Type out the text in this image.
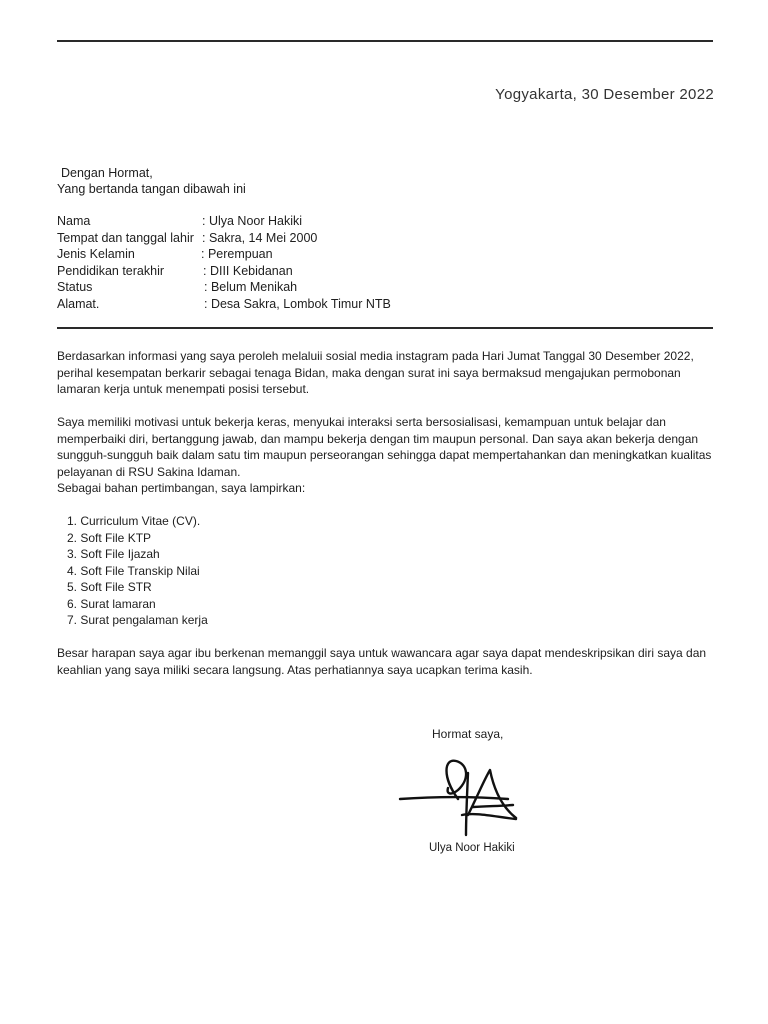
Yogyakarta, 30 Desember 2022
Dengan Hormat,
Yang bertanda tangan dibawah ini
Nama	: Ulya Noor Hakiki
Tempat dan tanggal lahir : Sakra, 14 Mei 2000
Jenis Kelamin	: Perempuan
Pendidikan terakhir	: DIII Kebidanan
Status	: Belum Menikah
Alamat.	: Desa Sakra, Lombok Timur NTB
Berdasarkan informasi yang saya peroleh melaluii sosial media instagram pada Hari Jumat Tanggal 30 Desember 2022, perihal kesempatan berkarir sebagai tenaga Bidan, maka dengan surat ini saya bermaksud mengajukan permobonan lamaran kerja untuk menempati posisi tersebut.
Saya memiliki motivasi untuk bekerja keras, menyukai interaksi serta bersosialisasi, kemampuan untuk belajar dan memperbaiki diri, bertanggung jawab, dan mampu bekerja dengan tim maupun personal. Dan saya akan bekerja dengan sungguh-sungguh baik dalam satu tim maupun perseorangan sehingga dapat mempertahankan dan meningkatkan kualitas pelayanan di RSU Sakina Idaman.
Sebagai bahan pertimbangan, saya lampirkan:
1. Curriculum Vitae (CV).
2. Soft File KTP
3. Soft File Ijazah
4. Soft File Transkip Nilai
5. Soft File STR
6. Surat lamaran
7. Surat pengalaman kerja
Besar harapan saya agar ibu berkenan memanggil saya untuk wawancara agar saya dapat mendeskripsikan diri saya dan keahlian yang saya miliki secara langsung. Atas perhatiannya saya ucapkan terima kasih.
Hormat saya,
Ulya Noor Hakiki
